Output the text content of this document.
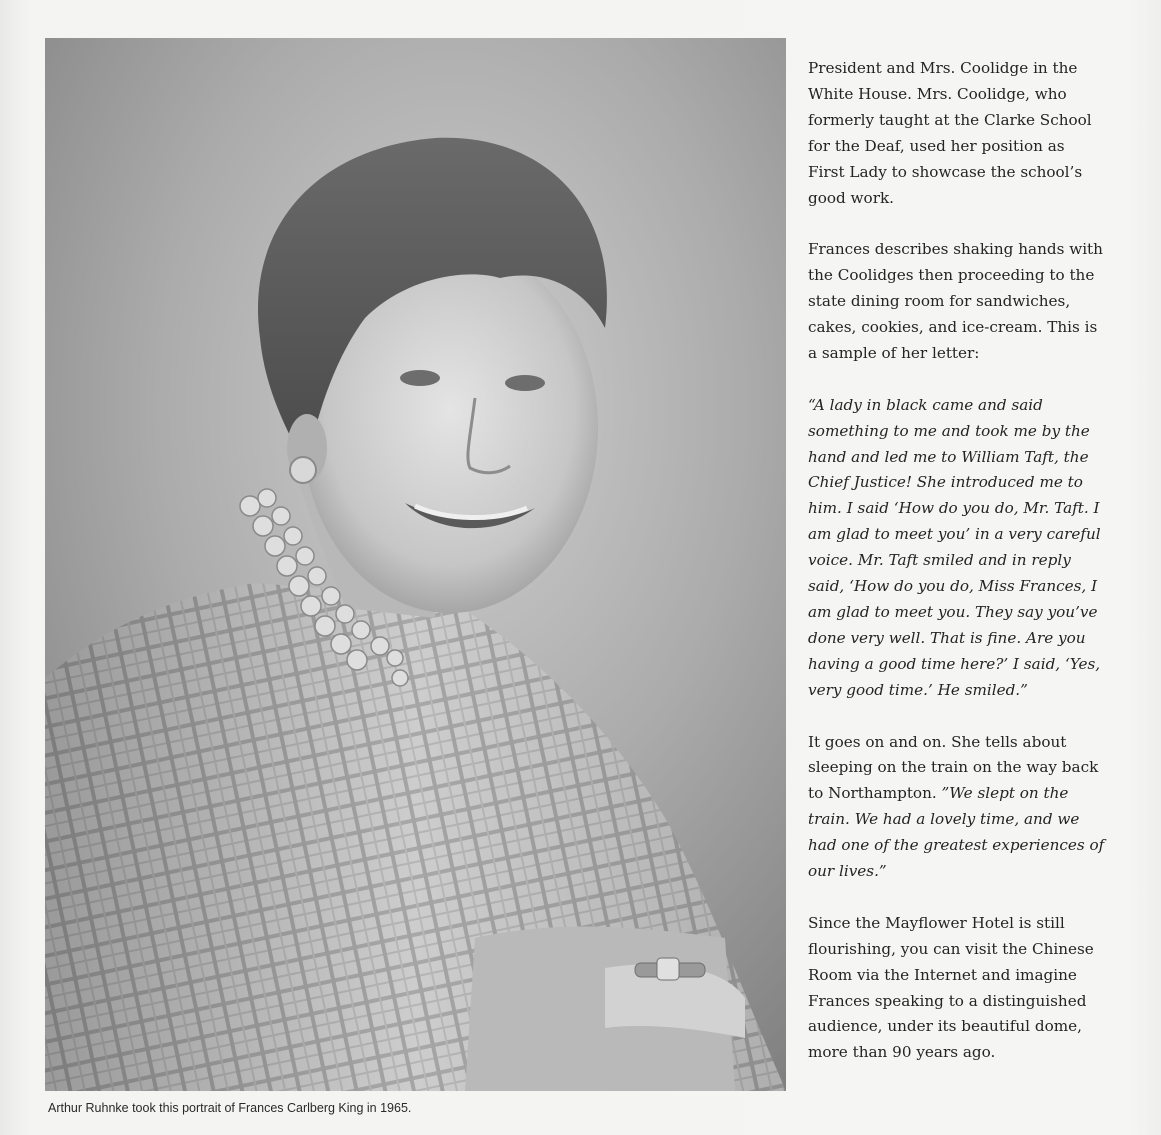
Arthur Ruhnke took this portrait of Frances Carlberg King in 1965.

President and Mrs. Coolidge in the
White House. Mrs. Coolidge, who
formerly taught at the Clarke School
for the Deaf, used her position as
First Lady to showcase the school’s
good work.

Frances describes shaking hands with
the Coolidges then proceeding to the
state dining room for sandwiches,
cakes, cookies, and ice-cream. This is
a sample of her letter:

“A lady in black came and said
something to me and took me by the
hand and led me to William Taft, the
Chief Justice! She introduced me to
him. I said ‘How do you do, Mr. Taft. I
am glad to meet you’ in a very careful
voice. Mr. Taft smiled and in reply
said, ‘How do you do, Miss Frances, I
am glad to meet you. They say you’ve
done very well. That is fine. Are you
having a good time here?’ I said, ‘Yes,
very good time.’ He smiled.”

It goes on and on. She tells about
sleeping on the train on the way back
to Northampton. ”We slept on the
train. We had a lovely time, and we
had one of the greatest experiences of
our lives.”

Since the Mayflower Hotel is still
flourishing, you can visit the Chinese
Room via the Internet and imagine
Frances speaking to a distinguished
audience, under its beautiful dome,
more than 90 years ago.
